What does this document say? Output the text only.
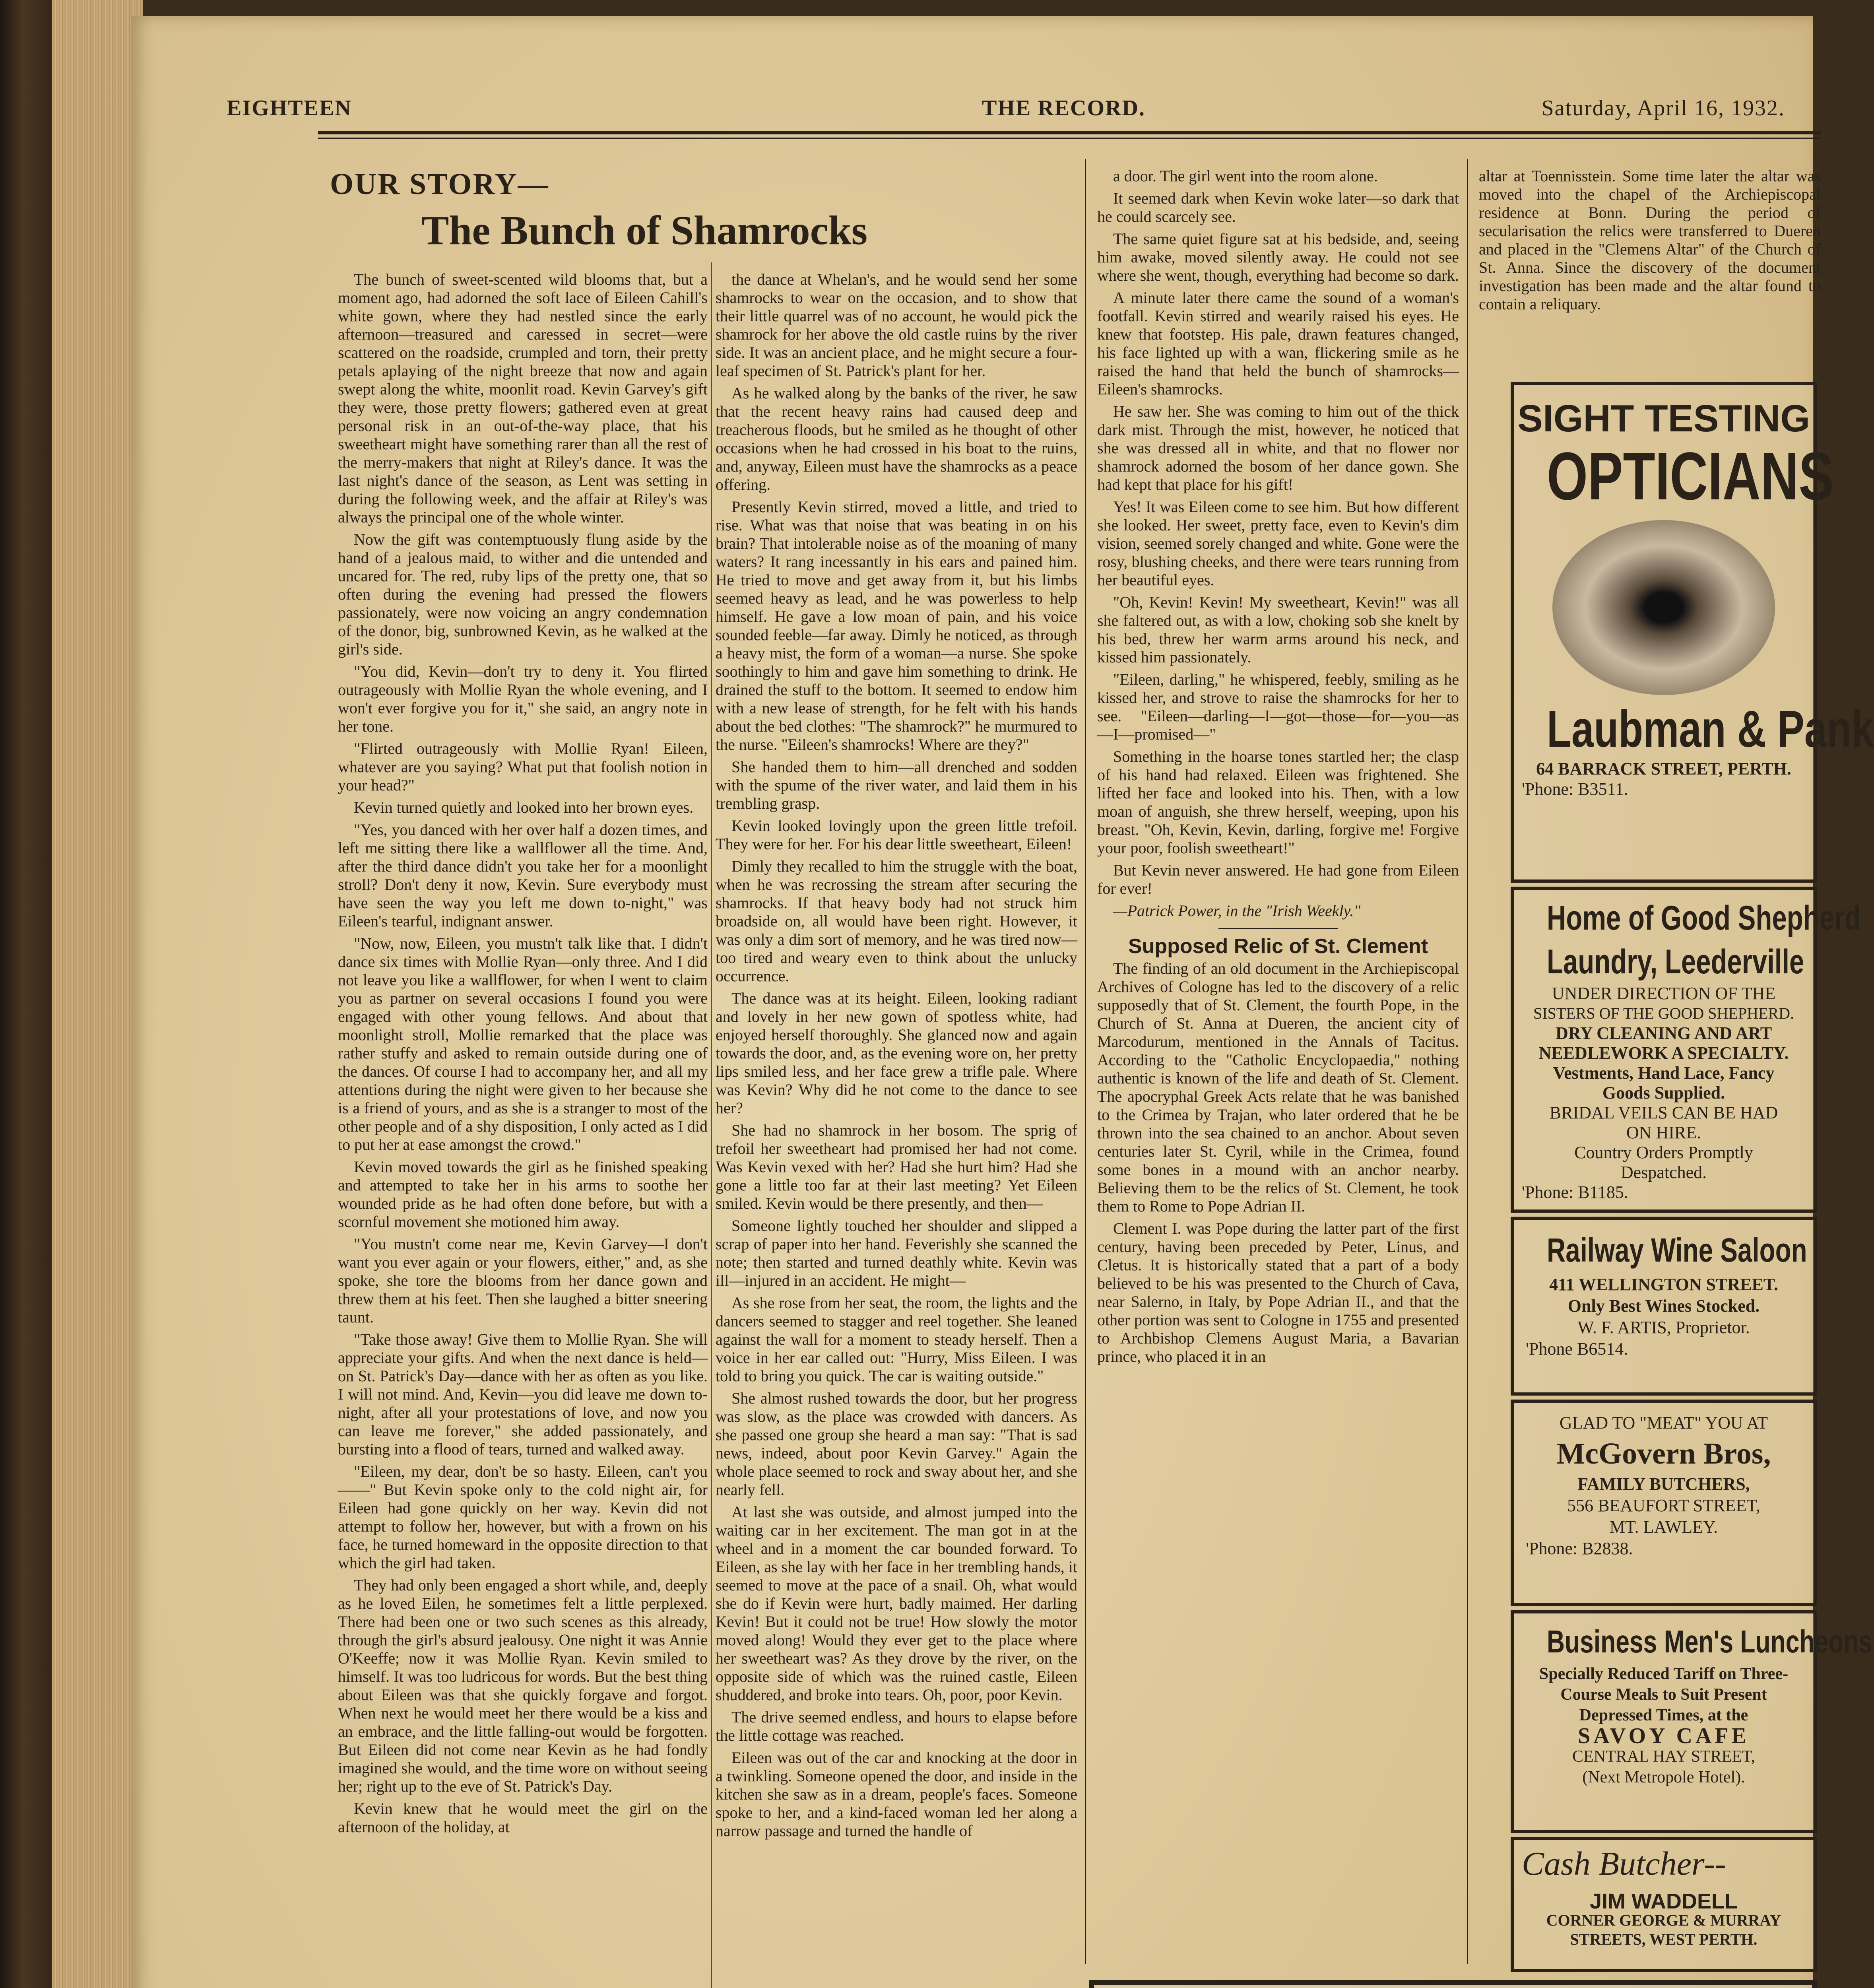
EIGHTEEN	THE RECORD.	Saturday, April 16, 1932.
OUR STORY—
The Bunch of Shamrocks

The bunch of sweet-scented wild blooms that, but a moment ago, had adorned the soft lace of Eileen Cahill's white gown, where they had nestled since the early afternoon—treasured and caressed in secret—were scattered on the roadside, crumpled and torn, their pretty petals aplaying of the night breeze that now and again swept along the white, moonlit road. Kevin Garvey's gift they were, those pretty flowers; gathered even at great personal risk in an out-of-the-way place, that his sweetheart might have something rarer than all the rest of the merry-makers that night at Riley's dance. It was the last night's dance of the season, as Lent was setting in during the following week, and the affair at Riley's was always the principal one of the whole winter.

Now the gift was contemptuously flung aside by the hand of a jealous maid, to wither and die untended and uncared for. The red, ruby lips of the pretty one, that so often during the evening had pressed the flowers passionately, were now voicing an angry condemnation of the donor, big, sunbrowned Kevin, as he walked at the girl's side.

"You did, Kevin—don't try to deny it. You flirted outrageously with Mollie Ryan the whole evening, and I won't ever forgive you for it," she said, an angry note in her tone.

"Flirted outrageously with Mollie Ryan! Eileen, whatever are you saying? What put that foolish notion in your head?"

Kevin turned quietly and looked into her brown eyes.

"Yes, you danced with her over half a dozen times, and left me sitting there like a wallflower all the time. And, after the third dance didn't you take her for a moonlight stroll? Don't deny it now, Kevin. Sure everybody must have seen the way you left me down to-night," was Eileen's tearful, indignant answer.

"Now, now, Eileen, you mustn't talk like that. I didn't dance six times with Mollie Ryan—only three. And I did not leave you like a wallflower, for when I went to claim you as partner on several occasions I found you were engaged with other young fellows. And about that moonlight stroll, Mollie remarked that the place was rather stuffy and asked to remain outside during one of the dances. Of course I had to accompany her, and all my attentions during the night were given to her because she is a friend of yours, and as she is a stranger to most of the other people and of a shy disposition, I only acted as I did to put her at ease amongst the crowd."

Kevin moved towards the girl as he finished speaking and attempted to take her in his arms to soothe her wounded pride as he had often done before, but with a scornful movement she motioned him away.

"You mustn't come near me, Kevin Garvey—I don't want you ever again or your flowers, either," and, as she spoke, she tore the blooms from her dance gown and threw them at his feet. Then she laughed a bitter sneering taunt.

"Take those away! Give them to Mollie Ryan. She will appreciate your gifts. And when the next dance is held—on St. Patrick's Day—dance with her as often as you like. I will not mind. And, Kevin—you did leave me down to-night, after all your protestations of love, and now you can leave me forever," she added passionately, and bursting into a flood of tears, turned and walked away.

"Eileen, my dear, don't be so hasty. Eileen, can't you——" But Kevin spoke only to the cold night air, for Eileen had gone quickly on her way. Kevin did not attempt to follow her, however, but with a frown on his face, he turned homeward in the opposite direction to that which the girl had taken.

They had only been engaged a short while, and, deeply as he loved Eilen, he sometimes felt a little perplexed. There had been one or two such scenes as this already, through the girl's absurd jealousy. One night it was Annie O'Keeffe; now it was Mollie Ryan. Kevin smiled to himself. It was too ludricous for words. But the best thing about Eileen was that she quickly forgave and forgot. When next he would meet her there would be a kiss and an embrace, and the little falling-out would be forgotten. But Eileen did not come near Kevin as he had fondly imagined she would, and the time wore on without seeing her; right up to the eve of St. Patrick's Day.

Kevin knew that he would meet the girl on the afternoon of the holiday, at

the dance at Whelan's, and he would send her some shamrocks to wear on the occasion, and to show that their little quarrel was of no account, he would pick the shamrock for her above the old castle ruins by the river side. It was an ancient place, and he might secure a four-leaf specimen of St. Patrick's plant for her.

As he walked along by the banks of the river, he saw that the recent heavy rains had caused deep and treacherous floods, but he smiled as he thought of other occasions when he had crossed in his boat to the ruins, and, anyway, Eileen must have the shamrocks as a peace offering.

Presently Kevin stirred, moved a little, and tried to rise. What was that noise that was beating in on his brain? That intolerable noise as of the moaning of many waters? It rang incessantly in his ears and pained him. He tried to move and get away from it, but his limbs seemed heavy as lead, and he was powerless to help himself. He gave a low moan of pain, and his voice sounded feeble—far away. Dimly he noticed, as through a heavy mist, the form of a woman—a nurse. She spoke soothingly to him and gave him something to drink. He drained the stuff to the bottom. It seemed to endow him with a new lease of strength, for he felt with his hands about the bed clothes: "The shamrock?" he murmured to the nurse. "Eileen's shamrocks! Where are they?"

She handed them to him—all drenched and sodden with the spume of the river water, and laid them in his trembling grasp.

Kevin looked lovingly upon the green little trefoil. They were for her. For his dear little sweetheart, Eileen!

Dimly they recalled to him the struggle with the boat, when he was recrossing the stream after securing the shamrocks. If that heavy body had not struck him broadside on, all would have been right. However, it was only a dim sort of memory, and he was tired now—too tired and weary even to think about the unlucky occurrence.

The dance was at its height. Eileen, looking radiant and lovely in her new gown of spotless white, had enjoyed herself thoroughly. She glanced now and again towards the door, and, as the evening wore on, her pretty lips smiled less, and her face grew a trifle pale. Where was Kevin? Why did he not come to the dance to see her?

She had no shamrock in her bosom. The sprig of trefoil her sweetheart had promised her had not come. Was Kevin vexed with her? Had she hurt him? Had she gone a little too far at their last meeting? Yet Eileen smiled. Kevin would be there presently, and then—

Someone lightly touched her shoulder and slipped a scrap of paper into her hand. Feverishly she scanned the note; then started and turned deathly white. Kevin was ill—injured in an accident. He might—

As she rose from her seat, the room, the lights and the dancers seemed to stagger and reel together. She leaned against the wall for a moment to steady herself. Then a voice in her ear called out: "Hurry, Miss Eileen. I was told to bring you quick. The car is waiting outside."

She almost rushed towards the door, but her progress was slow, as the place was crowded with dancers. As she passed one group she heard a man say: "That is sad news, indeed, about poor Kevin Garvey." Again the whole place seemed to rock and sway about her, and she nearly fell.

At last she was outside, and almost jumped into the waiting car in her excitement. The man got in at the wheel and in a moment the car bounded forward. To Eileen, as she lay with her face in her trembling hands, it seemed to move at the pace of a snail. Oh, what would she do if Kevin were hurt, badly maimed. Her darling Kevin! But it could not be true! How slowly the motor moved along! Would they ever get to the place where her sweetheart was? As they drove by the river, on the opposite side of which was the ruined castle, Eileen shuddered, and broke into tears. Oh, poor, poor Kevin.

The drive seemed endless, and hours to elapse before the little cottage was reached.

Eileen was out of the car and knocking at the door in a twinkling. Someone opened the door, and inside in the kitchen she saw as in a dream, people's faces. Someone spoke to her, and a kind-faced woman led her along a narrow passage and turned the handle of

a door. The girl went into the room alone.

It seemed dark when Kevin woke later—so dark that he could scarcely see.

The same quiet figure sat at his bedside, and, seeing him awake, moved silently away. He could not see where she went, though, everything had become so dark.

A minute later there came the sound of a woman's footfall. Kevin stirred and wearily raised his eyes. He knew that footstep. His pale, drawn features changed, his face lighted up with a wan, flickering smile as he raised the hand that held the bunch of shamrocks—Eileen's shamrocks.

He saw her. She was coming to him out of the thick dark mist. Through the mist, however, he noticed that she was dressed all in white, and that no flower nor shamrock adorned the bosom of her dance gown. She had kept that place for his gift!

Yes! It was Eileen come to see him. But how different she looked. Her sweet, pretty face, even to Kevin's dim vision, seemed sorely changed and white. Gone were the rosy, blushing cheeks, and there were tears running from her beautiful eyes.

"Oh, Kevin! Kevin! My sweetheart, Kevin!" was all she faltered out, as with a low, choking sob she knelt by his bed, threw her warm arms around his neck, and kissed him passionately.

"Eileen, darling," he whispered, feebly, smiling as he kissed her, and strove to raise the shamrocks for her to see. "Eileen—darling—I—got—those—for—you—as—I—promised—"

Something in the hoarse tones startled her; the clasp of his hand had relaxed. Eileen was frightened. She lifted her face and looked into his. Then, with a low moan of anguish, she threw herself, weeping, upon his breast. "Oh, Kevin, Kevin, darling, forgive me! Forgive your poor, foolish sweetheart!"

But Kevin never answered. He had gone from Eileen for ever!

—Patrick Power, in the "Irish Weekly."

Supposed Relic of St. Clement

The finding of an old document in the Archiepiscopal Archives of Cologne has led to the discovery of a relic supposedly that of St. Clement, the fourth Pope, in the Church of St. Anna at Dueren, the ancient city of Marcodurum, mentioned in the Annals of Tacitus. According to the "Catholic Encyclopaedia," nothing authentic is known of the life and death of St. Clement. The apocryphal Greek Acts relate that he was banished to the Crimea by Trajan, who later ordered that he be thrown into the sea chained to an anchor. About seven centuries later St. Cyril, while in the Crimea, found some bones in a mound with an anchor nearby. Believing them to be the relics of St. Clement, he took them to Rome to Pope Adrian II.

Clement I. was Pope during the latter part of the first century, having been preceded by Peter, Linus, and Cletus. It is historically stated that a part of a body believed to be his was presented to the Church of Cava, near Salerno, in Italy, by Pope Adrian II., and that the other portion was sent to Cologne in 1755 and presented to Archbishop Clemens August Maria, a Bavarian prince, who placed it in an

altar at Toennisstein. Some time later the altar was moved into the chapel of the Archiepiscopal residence at Bonn. During the period of secularisation the relics were transferred to Dueren and placed in the "Clemens Altar" of the Church of St. Anna. Since the discovery of the document investigation has been made and the altar found to contain a reliquary.

SIGHT TESTING
OPTICIANS
Laubman & Pank
64 BARRACK STREET, PERTH.
'Phone: B3511.
Home of Good Shepherd
Laundry, Leederville
UNDER DIRECTION OF THE
SISTERS OF THE GOOD SHEPHERD.
DRY CLEANING AND ART
NEEDLEWORK A SPECIALTY.
Vestments, Hand Lace, Fancy
Goods Supplied.
BRIDAL VEILS CAN BE HAD
ON HIRE.
Country Orders Promptly
Despatched.
'Phone: B1185.
Railway Wine Saloon
411 WELLINGTON STREET.
Only Best Wines Stocked.
W. F. ARTIS, Proprietor.
'Phone B6514.
GLAD TO "MEAT" YOU AT
McGovern Bros,
FAMILY BUTCHERS,
556 BEAUFORT STREET,
MT. LAWLEY.
'Phone: B2838.
Business Men's Luncheons
Specially Reduced Tariff on Three-
Course Meals to Suit Present
Depressed Times, at the
SAVOY CAFE
CENTRAL HAY STREET,
(Next Metropole Hotel).
Cash Butcher--
JIM WADDELL
CORNER GEORGE & MURRAY
STREETS, WEST PERTH.
